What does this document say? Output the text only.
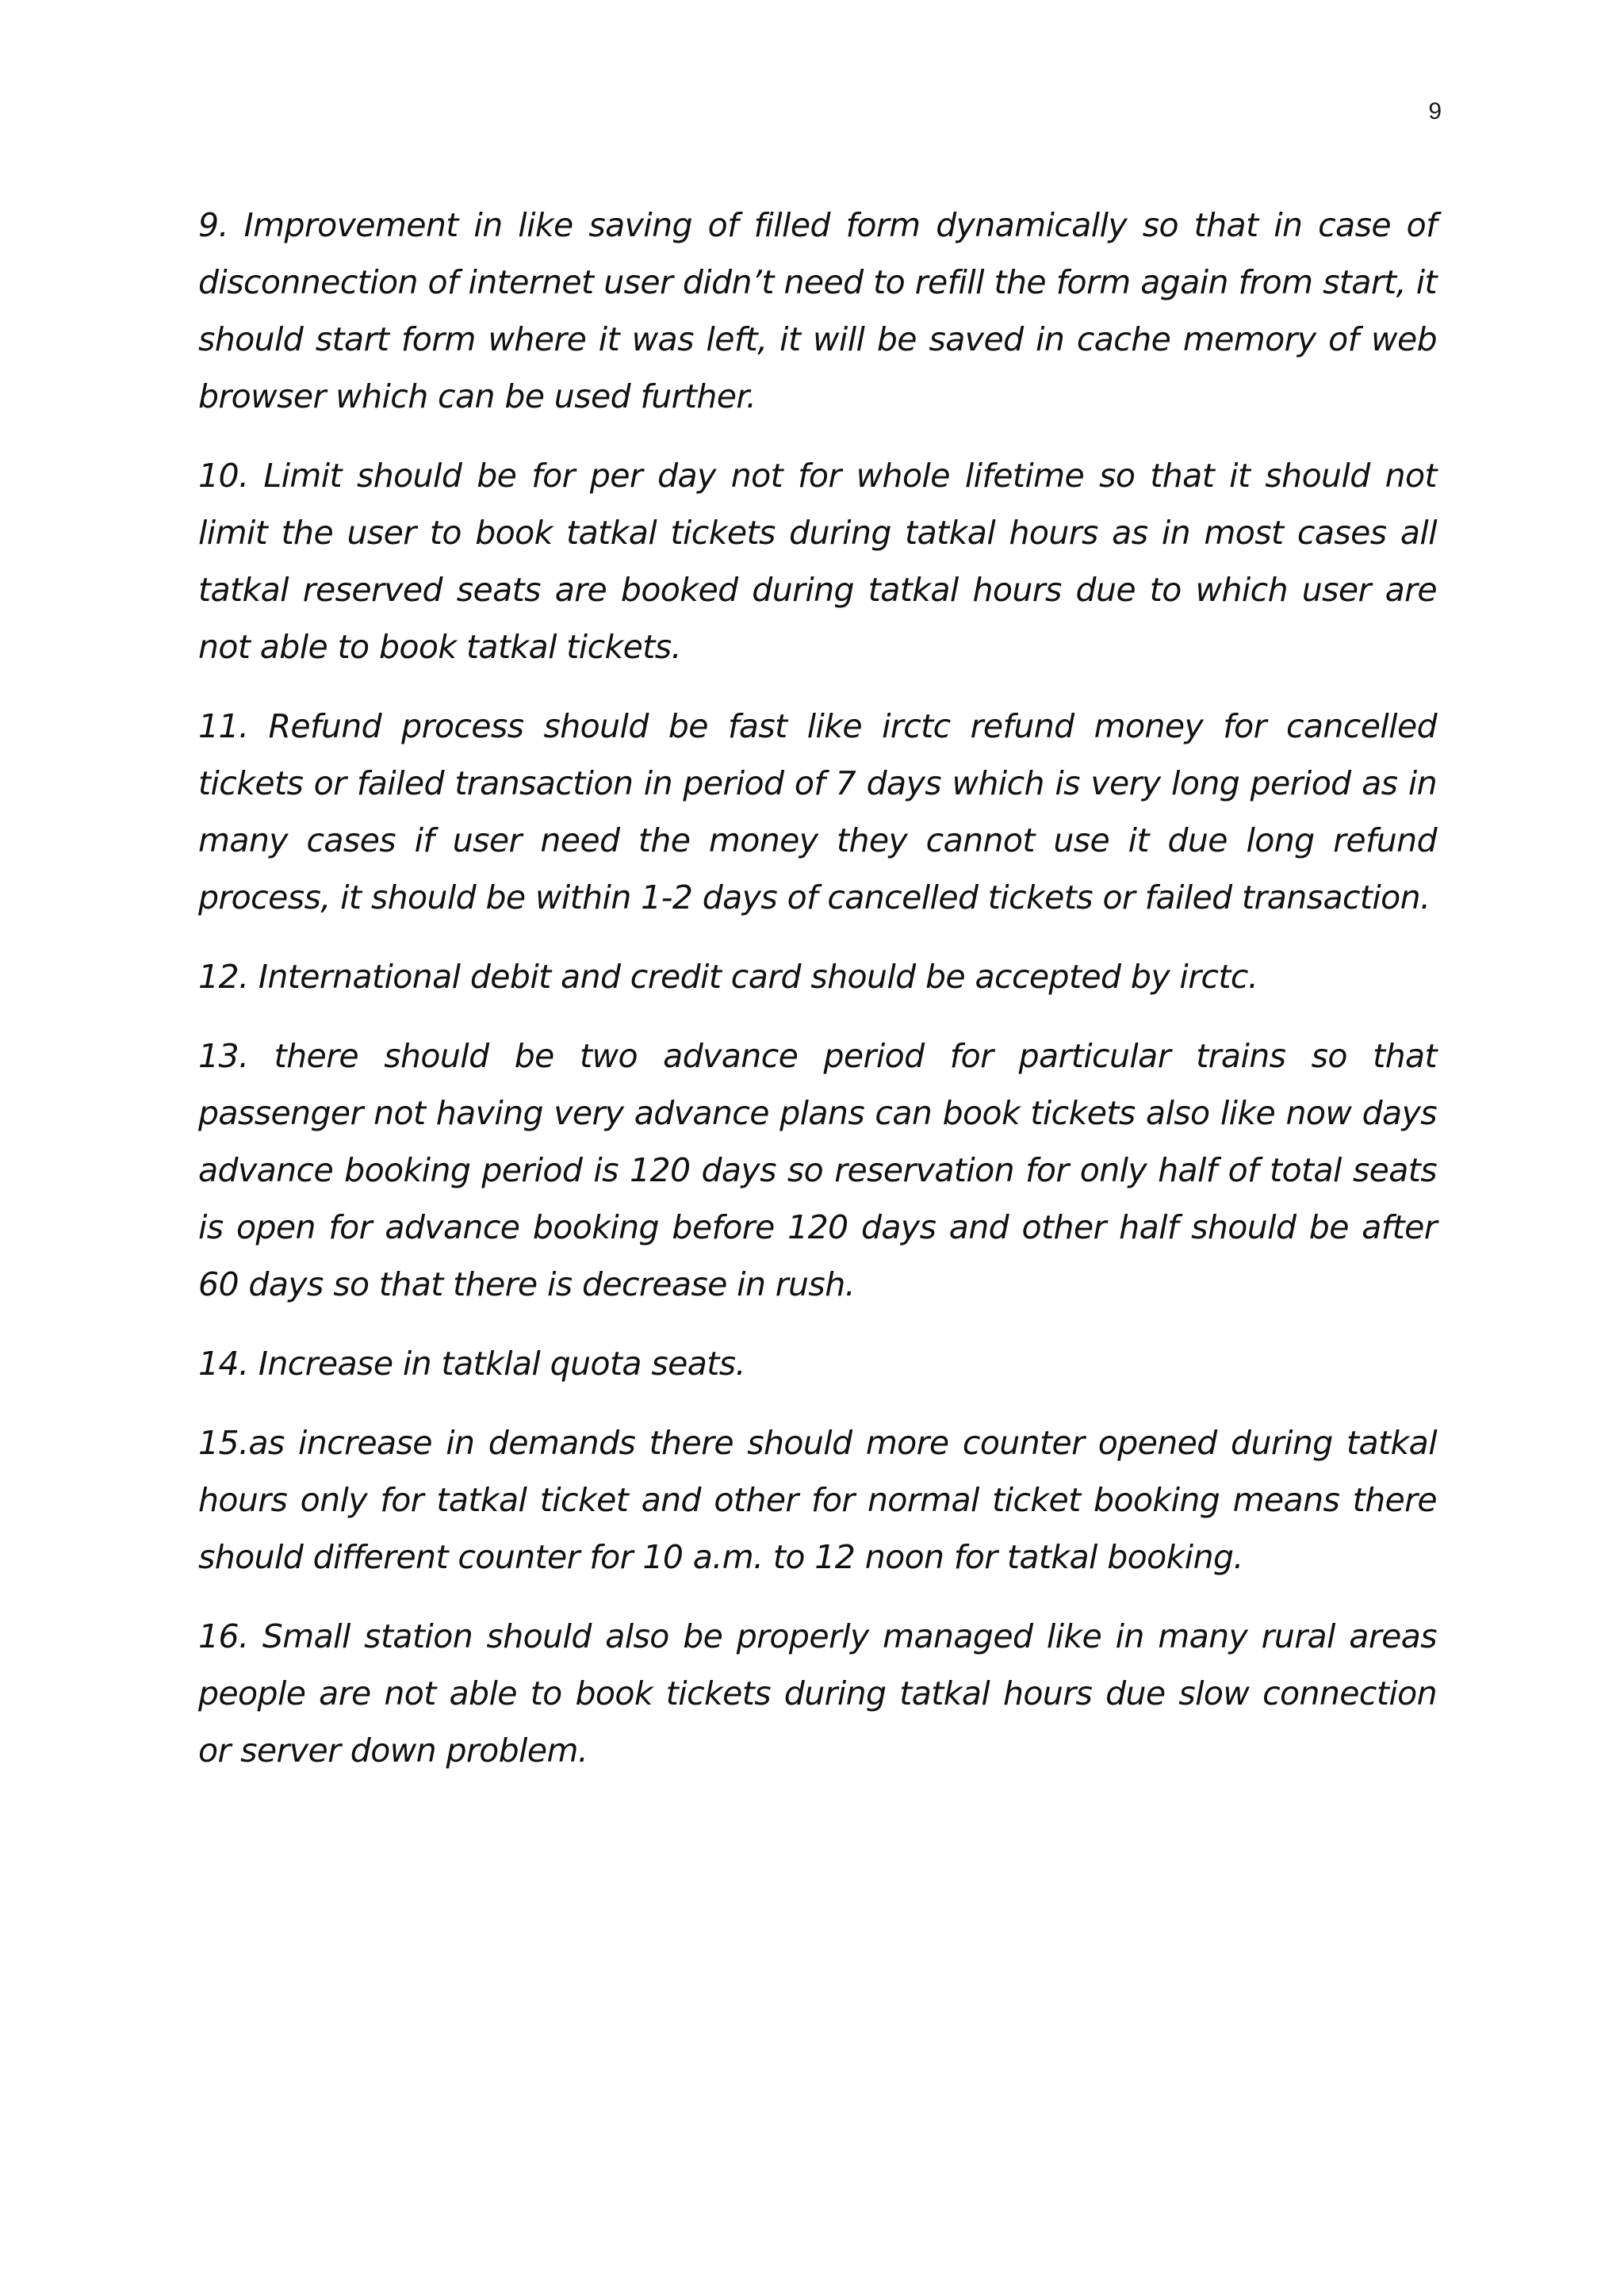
9

9. Improvement in like saving of filled form dynamically so that in case of disconnection of internet user didn’t need to refill the form again from start, it should start form where it was left, it will be saved in cache memory of web browser which can be used further.

10. Limit should be for per day not for whole lifetime so that it should not limit the user to book tatkal tickets during tatkal hours as in most cases all tatkal reserved seats are booked during tatkal hours due to which user are not able to book tatkal tickets.

11. Refund process should be fast like irctc refund money for cancelled tickets or failed transaction in period of 7 days which is very long period as in many cases if user need the money they cannot use it due long refund process, it should be within 1-2 days of cancelled tickets or failed transaction.

12. International debit and credit card should be accepted by irctc.

13. there should be two advance period for particular trains so that passenger not having very advance plans can book tickets also like now days advance booking period is 120 days so reservation for only half of total seats is open for advance booking before 120 days and other half should be after 60 days so that there is decrease in rush.

14. Increase in tatklal quota seats.

15.as increase in demands there should more counter opened during tatkal hours only for tatkal ticket and other for normal ticket booking means there should different counter for 10 a.m. to 12 noon for tatkal booking.

16. Small station should also be properly managed like in many rural areas people are not able to book tickets during tatkal hours due slow connection or server down problem.
